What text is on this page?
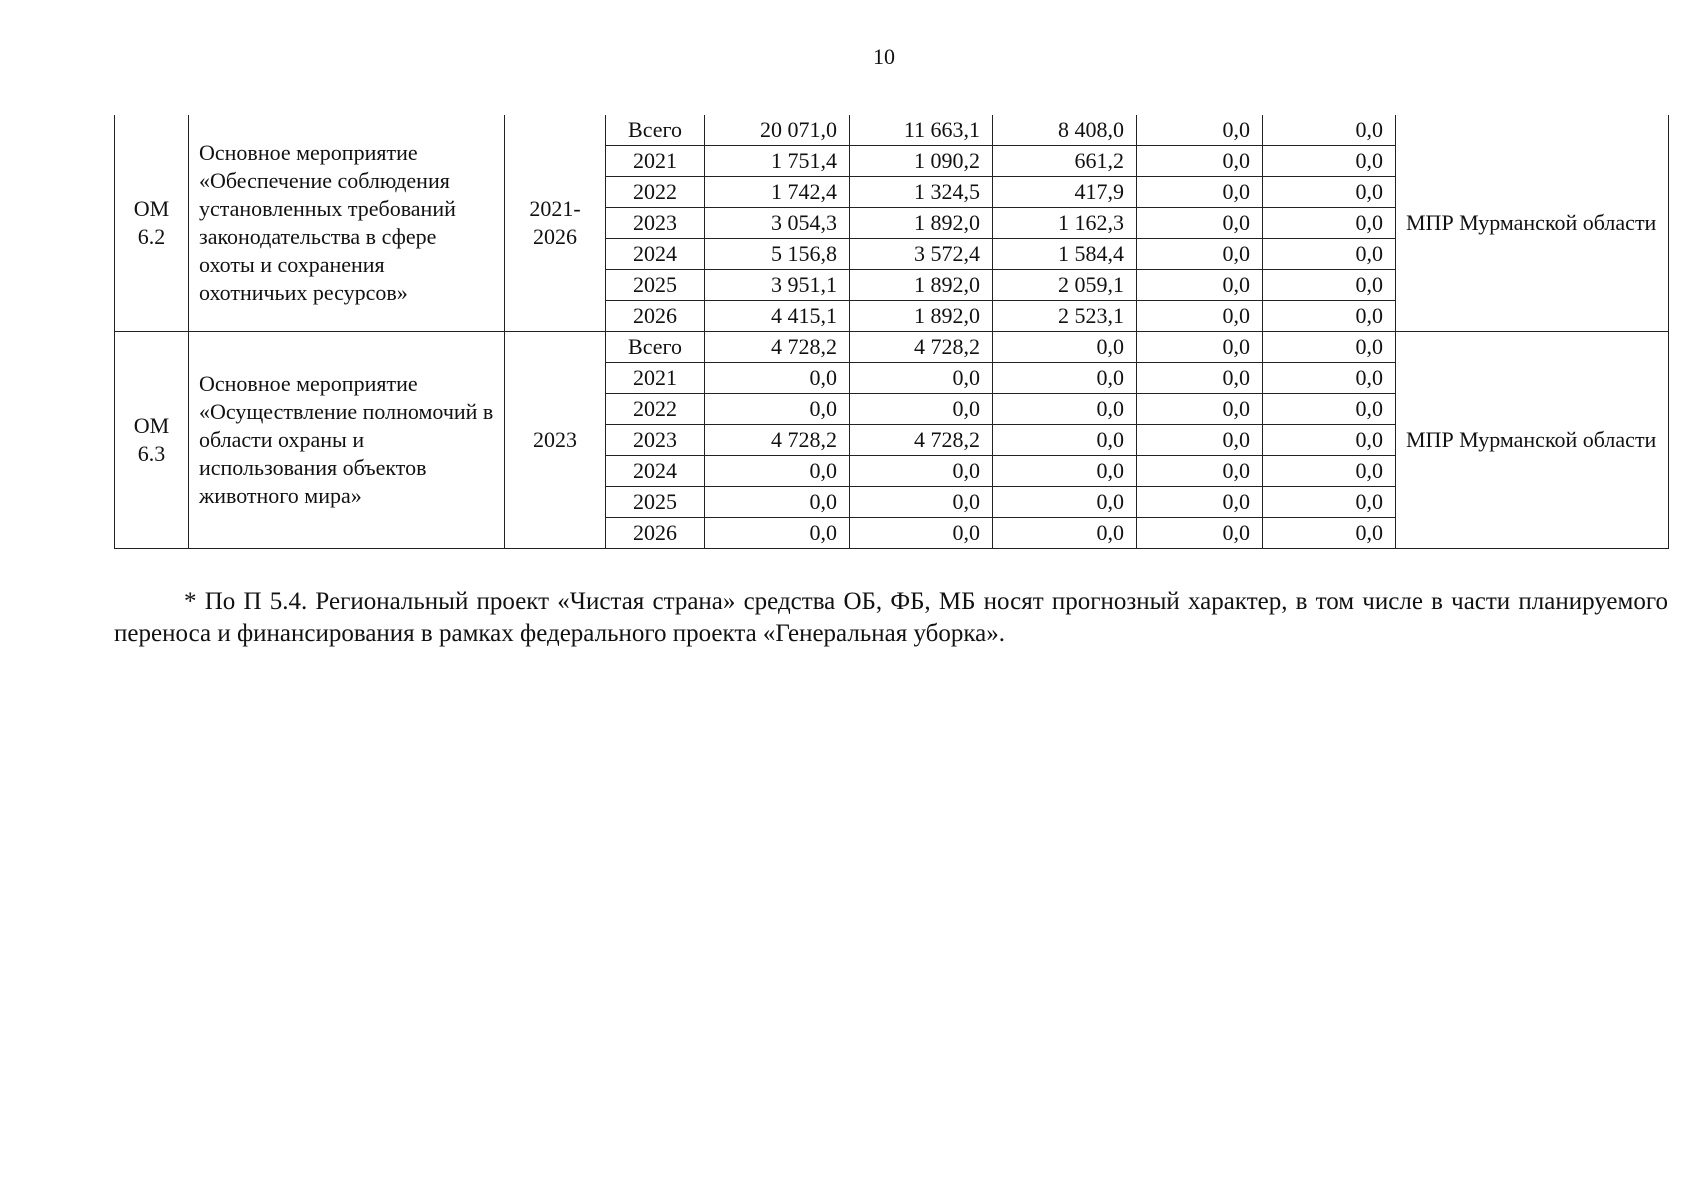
10
ОМ 6.2	Основное мероприятие «Обеспечение соблюдения установленных требований законодательства в сфере охоты и сохранения охотничьих ресурсов»	2021-2026	Всего	20 071,0	11 663,1	8 408,0	0,0	0,0	МПР Мурманской области
			2021	1 751,4	1 090,2	661,2	0,0	0,0	
			2022	1 742,4	1 324,5	417,9	0,0	0,0	
			2023	3 054,3	1 892,0	1 162,3	0,0	0,0	
			2024	5 156,8	3 572,4	1 584,4	0,0	0,0	
			2025	3 951,1	1 892,0	2 059,1	0,0	0,0	
			2026	4 415,1	1 892,0	2 523,1	0,0	0,0	
ОМ 6.3	Основное мероприятие «Осуществление полномочий в области охраны и использования объектов животного мира»	2023	Всего	4 728,2	4 728,2	0,0	0,0	0,0	МПР Мурманской области
			2021	0,0	0,0	0,0	0,0	0,0	
			2022	0,0	0,0	0,0	0,0	0,0	
			2023	4 728,2	4 728,2	0,0	0,0	0,0	
			2024	0,0	0,0	0,0	0,0	0,0	
			2025	0,0	0,0	0,0	0,0	0,0	
			2026	0,0	0,0	0,0	0,0	0,0	
* По П 5.4. Региональный проект «Чистая страна» средства ОБ, ФБ, МБ носят прогнозный характер, в том числе в части планируемого переноса и финансирования в рамках федерального проекта «Генеральная уборка».
